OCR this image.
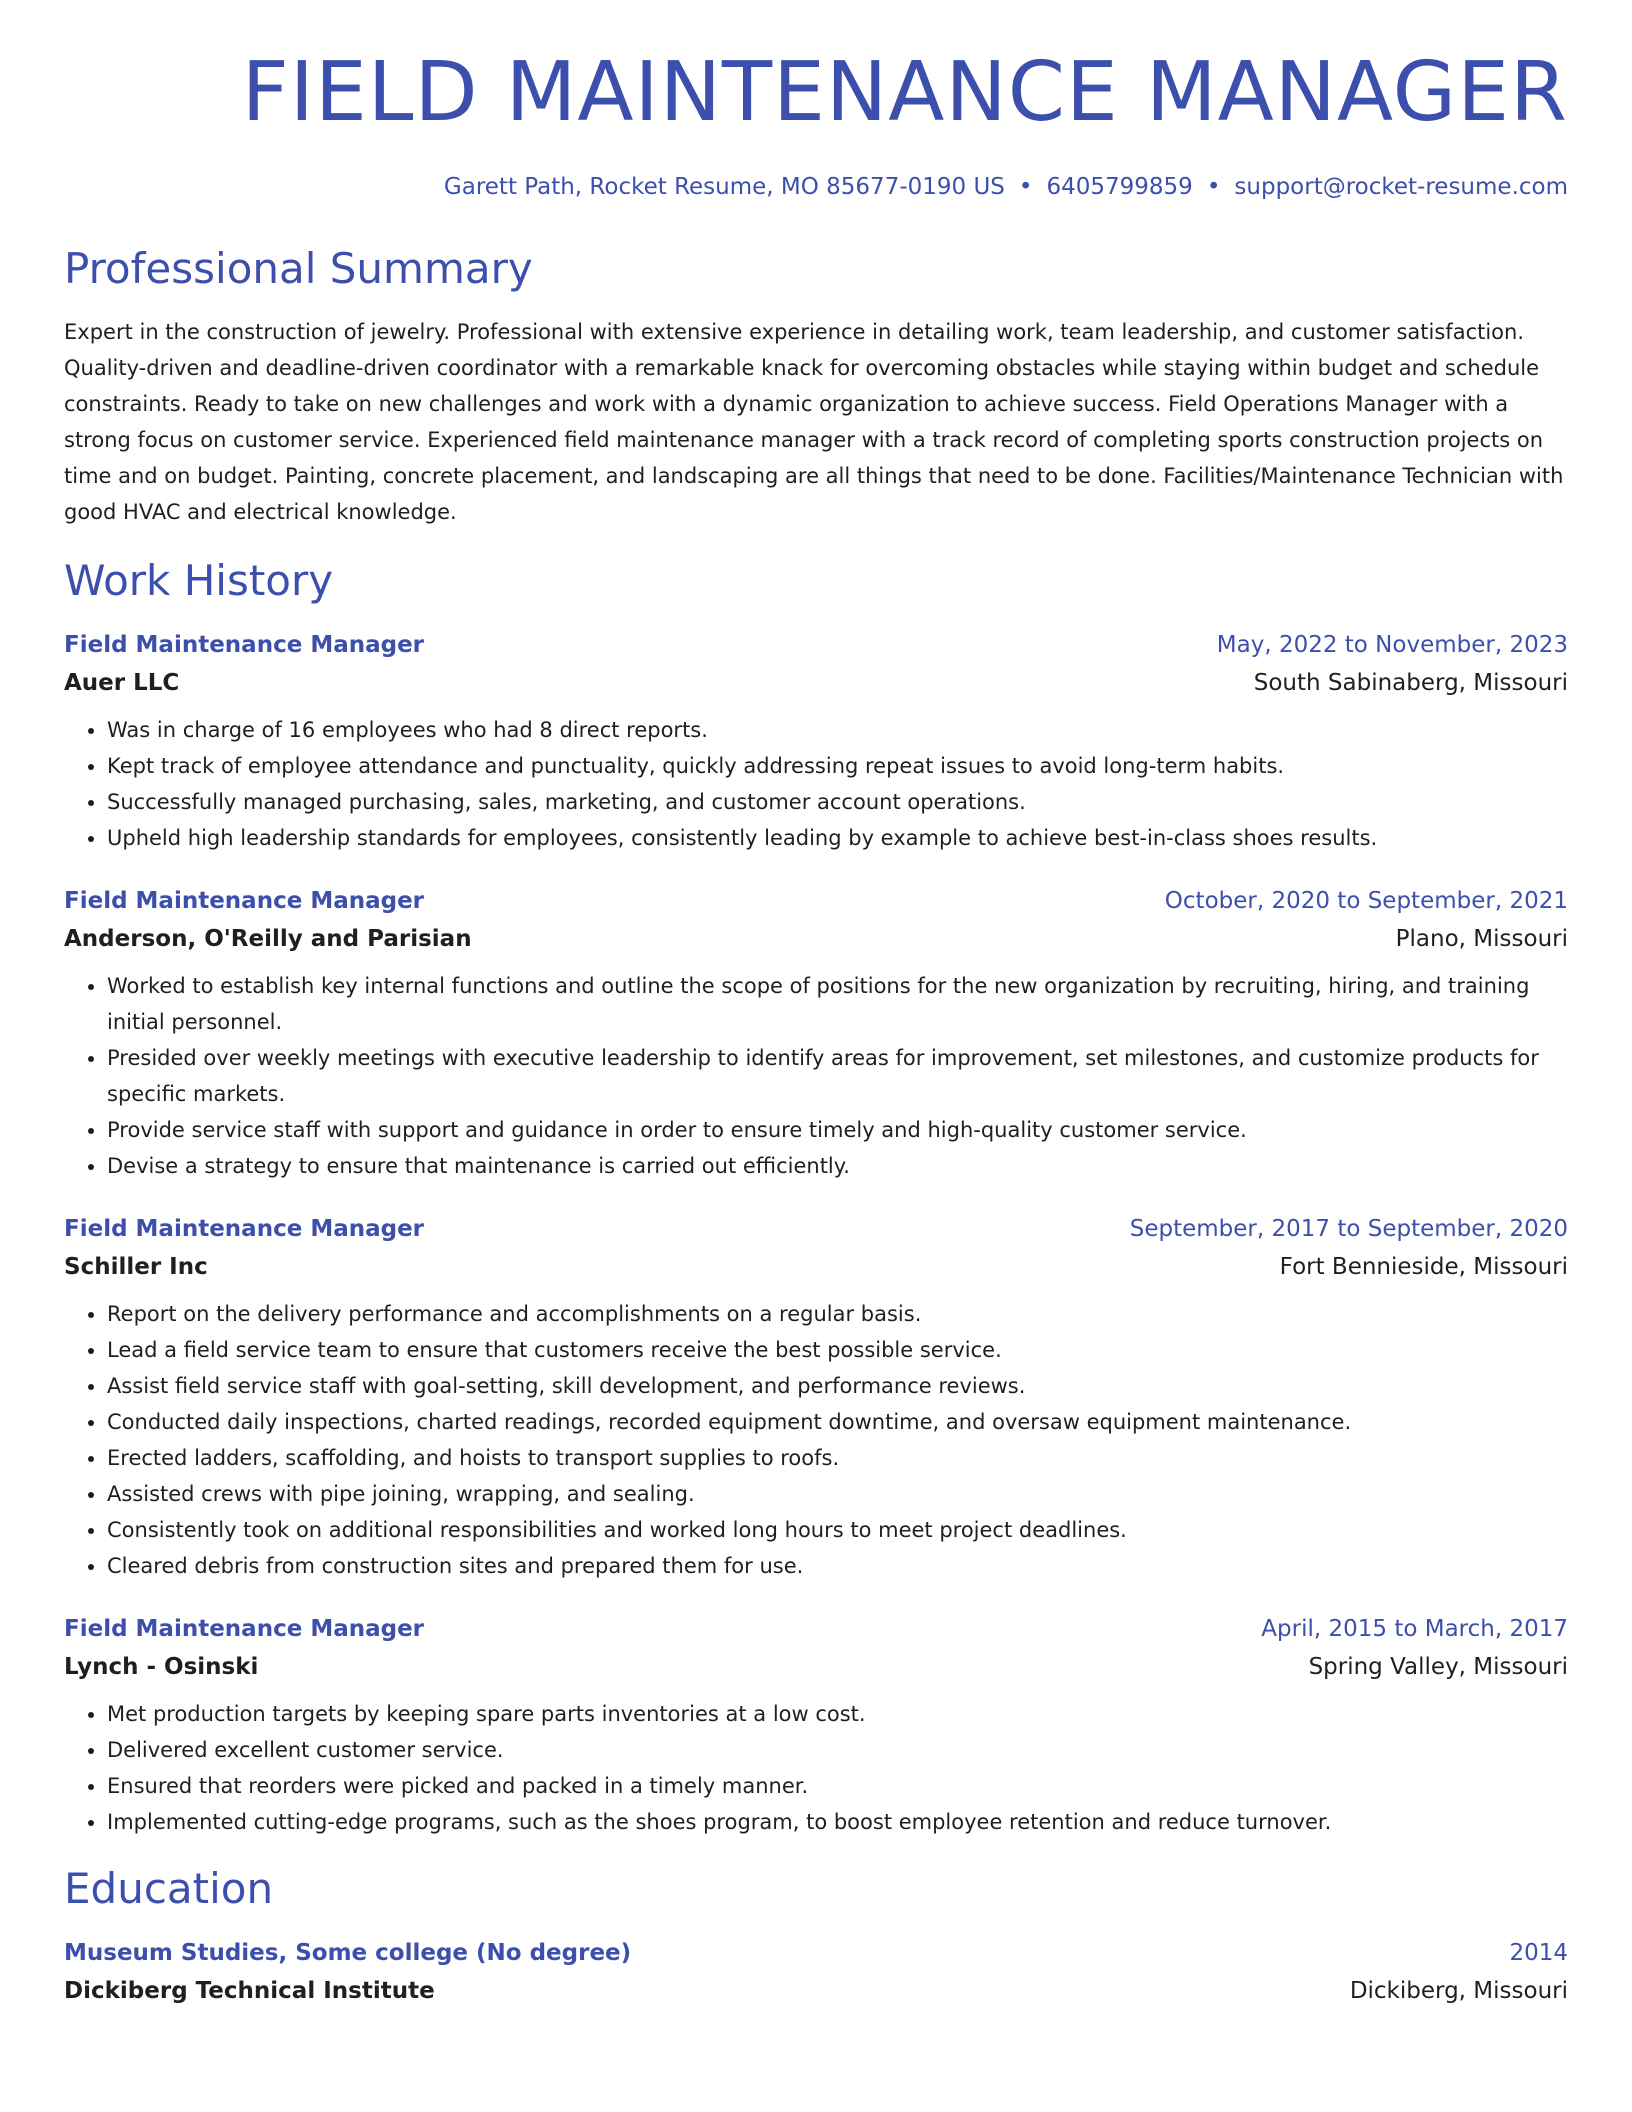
FIELD MAINTENANCE MANAGER
Garett Path, Rocket Resume, MO 85677-0190 US • 6405799859 • support@rocket-resume.com
Professional Summary

Expert in the construction of jewelry. Professional with extensive experience in detailing work, team leadership, and customer satisfaction. Quality-driven and deadline-driven coordinator with a remarkable knack for overcoming obstacles while staying within budget and schedule constraints. Ready to take on new challenges and work with a dynamic organization to achieve success. Field Operations Manager with a strong focus on customer service. Experienced field maintenance manager with a track record of completing sports construction projects on time and on budget. Painting, concrete placement, and landscaping are all things that need to be done. Facilities/Maintenance Technician with good HVAC and electrical knowledge.

Work History
Field Maintenance Manager	May, 2022 to November, 2023
Auer LLC	South Sabinaberg, Missouri
• Was in charge of 16 employees who had 8 direct reports.
• Kept track of employee attendance and punctuality, quickly addressing repeat issues to avoid long-term habits.
• Successfully managed purchasing, sales, marketing, and customer account operations.
• Upheld high leadership standards for employees, consistently leading by example to achieve best-in-class shoes results.
Field Maintenance Manager	October, 2020 to September, 2021
Anderson, O'Reilly and Parisian	Plano, Missouri
• Worked to establish key internal functions and outline the scope of positions for the new organization by recruiting, hiring, and training initial personnel.
• Presided over weekly meetings with executive leadership to identify areas for improvement, set milestones, and customize products for specific markets.
• Provide service staff with support and guidance in order to ensure timely and high-quality customer service.
• Devise a strategy to ensure that maintenance is carried out efficiently.
Field Maintenance Manager	September, 2017 to September, 2020
Schiller Inc	Fort Bennieside, Missouri
• Report on the delivery performance and accomplishments on a regular basis.
• Lead a field service team to ensure that customers receive the best possible service.
• Assist field service staff with goal-setting, skill development, and performance reviews.
• Conducted daily inspections, charted readings, recorded equipment downtime, and oversaw equipment maintenance.
• Erected ladders, scaffolding, and hoists to transport supplies to roofs.
• Assisted crews with pipe joining, wrapping, and sealing.
• Consistently took on additional responsibilities and worked long hours to meet project deadlines.
• Cleared debris from construction sites and prepared them for use.
Field Maintenance Manager	April, 2015 to March, 2017
Lynch - Osinski	Spring Valley, Missouri
• Met production targets by keeping spare parts inventories at a low cost.
• Delivered excellent customer service.
• Ensured that reorders were picked and packed in a timely manner.
• Implemented cutting-edge programs, such as the shoes program, to boost employee retention and reduce turnover.
Education
Museum Studies, Some college (No degree)	2014
Dickiberg Technical Institute	Dickiberg, Missouri
